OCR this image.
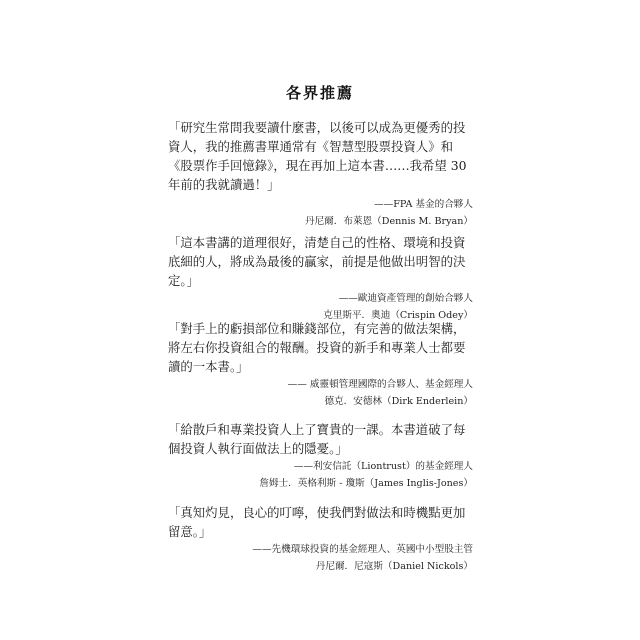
各界推薦

「研究生常問我要讀什麼書，以後可以成為更優秀的投資人，我的推薦書單通常有《智慧型股票投資人》和《股票作手回憶錄》，現在再加上這本書……我希望 30 年前的我就讀過！」

——FPA 基金的合夥人
丹尼爾．布萊恩（Dennis M. Bryan）

「這本書講的道理很好，清楚自己的性格、環境和投資底細的人，將成為最後的贏家，前提是他做出明智的決定。」

——歐迪資產管理的創始合夥人
克里斯平．奧迪（Crispin Odey）

「對手上的虧損部位和賺錢部位，有完善的做法架構，將左右你投資組合的報酬。投資的新手和專業人士都要讀的一本書。」

—— 威靈頓管理國際的合夥人、基金經理人
德克．安德林（Dirk Enderlein）

「給散戶和專業投資人上了寶貴的一課。本書道破了每個投資人執行面做法上的隱憂。」

——利安信託（Liontrust）的基金經理人
詹姆士．英格利斯 - 瓊斯（James Inglis-Jones）

「真知灼見，良心的叮嚀，使我們對做法和時機點更加留意。」

——先機環球投資的基金經理人、英國中小型股主管
丹尼爾．尼寇斯（Daniel Nickols）
